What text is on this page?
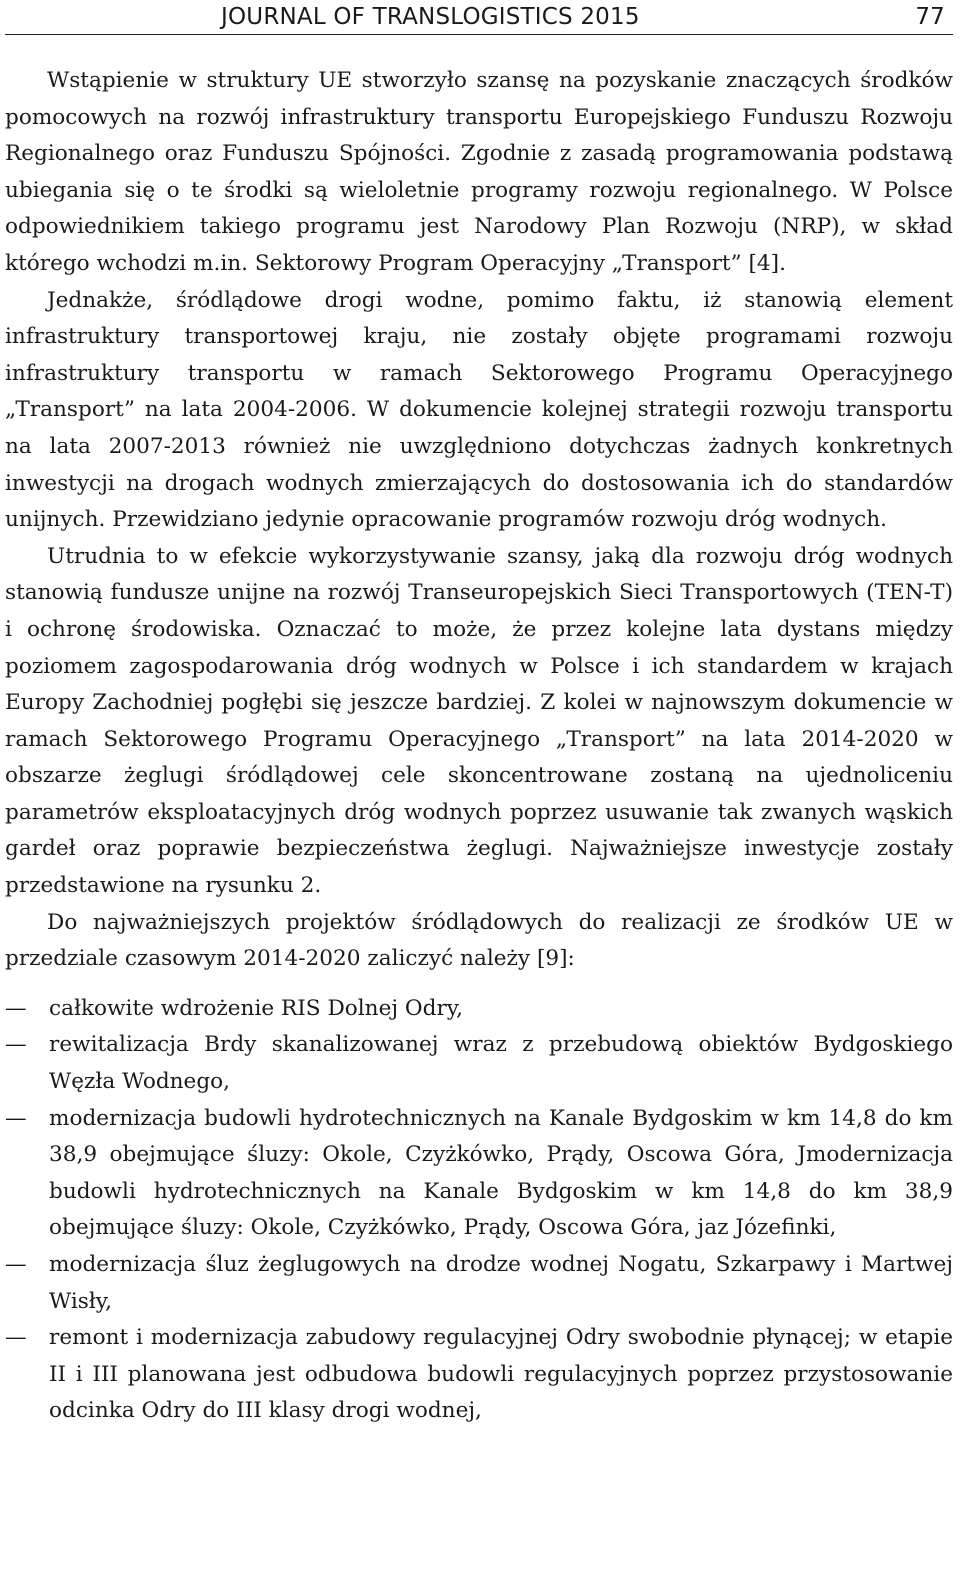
JOURNAL OF TRANSLOGISTICS 2015	77

Wstąpienie w struktury UE stworzyło szansę na pozyskanie znaczących środków pomocowych na rozwój infrastruktury transportu Europejskiego Funduszu Rozwoju Regionalnego oraz Funduszu Spójności. Zgodnie z zasadą programowania podstawą ubiegania się o te środki są wieloletnie programy rozwoju regionalnego. W Polsce odpowiednikiem takiego programu jest Narodowy Plan Rozwoju (NRP), w skład którego wchodzi m.in. Sektorowy Program Operacyjny „Transport” [4].

Jednakże, śródlądowe drogi wodne, pomimo faktu, iż stanowią element infrastruktury transportowej kraju, nie zostały objęte programami rozwoju infrastruktury transportu w ramach Sektorowego Programu Operacyjnego „Transport” na lata 2004-2006. W dokumencie kolejnej strategii rozwoju transportu na lata 2007-2013 również nie uwzględniono dotychczas żadnych konkretnych inwestycji na drogach wodnych zmierzających do dostosowania ich do standardów unijnych. Przewidziano jedynie opracowanie programów rozwoju dróg wodnych.

Utrudnia to w efekcie wykorzystywanie szansy, jaką dla rozwoju dróg wodnych stanowią fundusze unijne na rozwój Transeuropejskich Sieci Transportowych (TEN-T) i ochronę środowiska. Oznaczać to może, że przez kolejne lata dystans między poziomem zagospodarowania dróg wodnych w Polsce i ich standardem w krajach Europy Zachodniej pogłębi się jeszcze bardziej. Z kolei w najnowszym dokumencie w ramach Sektorowego Programu Operacyjnego „Transport” na lata 2014-2020 w obszarze żeglugi śródlądowej cele skoncentrowane zostaną na ujednoliceniu parametrów eksploatacyjnych dróg wodnych poprzez usuwanie tak zwanych wąskich gardeł oraz poprawie bezpieczeństwa żeglugi. Najważniejsze inwestycje zostały przedstawione na rysunku 2.

Do najważniejszych projektów śródlądowych do realizacji ze środków UE w przedziale czasowym 2014-2020 zaliczyć należy [9]:

—	całkowite wdrożenie RIS Dolnej Odry,
—	rewitalizacja Brdy skanalizowanej wraz z przebudową obiektów Bydgoskiego Węzła Wodnego,
—	modernizacja budowli hydrotechnicznych na Kanale Bydgoskim w km 14,8 do km 38,9 obejmujące śluzy: Okole, Czyżkówko, Prądy, Oscowa Góra, Jmodernizacja budowli hydrotechnicznych na Kanale Bydgoskim w km 14,8 do km 38,9 obejmujące śluzy: Okole, Czyżkówko, Prądy, Oscowa Góra, jaz Józefinki,
—	modernizacja śluz żeglugowych na drodze wodnej Nogatu, Szkarpawy i Martwej Wisły,
—	remont i modernizacja zabudowy regulacyjnej Odry swobodnie płynącej; w etapie II i III planowana jest odbudowa budowli regulacyjnych poprzez przystosowanie odcinka Odry do III klasy drogi wodnej,
